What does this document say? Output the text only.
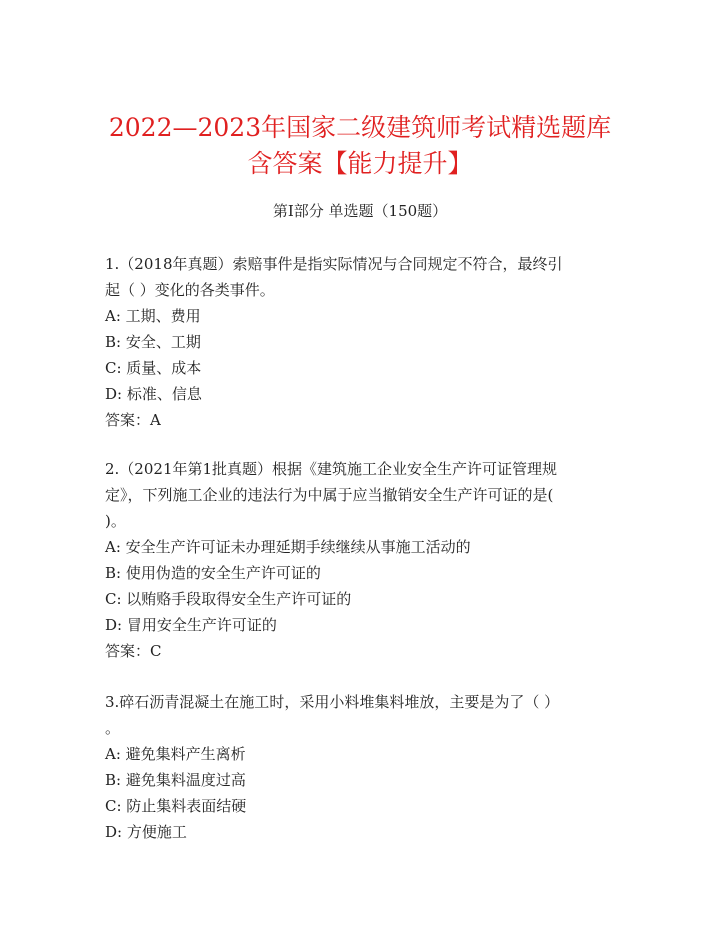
2022—2023年国家二级建筑师考试精选题库
含答案【能力提升】
第I部分 单选题（150题）
1.（2018年真题）索赔事件是指实际情况与合同规定不符合，最终引
起（ ）变化的各类事件。
A: 工期、费用
B: 安全、工期
C: 质量、成本
D: 标准、信息
答案：A
2.（2021年第1批真题）根据《建筑施工企业安全生产许可证管理规
定》，下列施工企业的违法行为中属于应当撤销安全生产许可证的是(
)。
A: 安全生产许可证未办理延期手续继续从事施工活动的
B: 使用伪造的安全生产许可证的
C: 以贿赂手段取得安全生产许可证的
D: 冒用安全生产许可证的
答案：C
3.碎石沥青混凝土在施工时，采用小料堆集料堆放，主要是为了（ ）
。
A: 避免集料产生离析
B: 避免集料温度过高
C: 防止集料表面结硬
D: 方便施工
